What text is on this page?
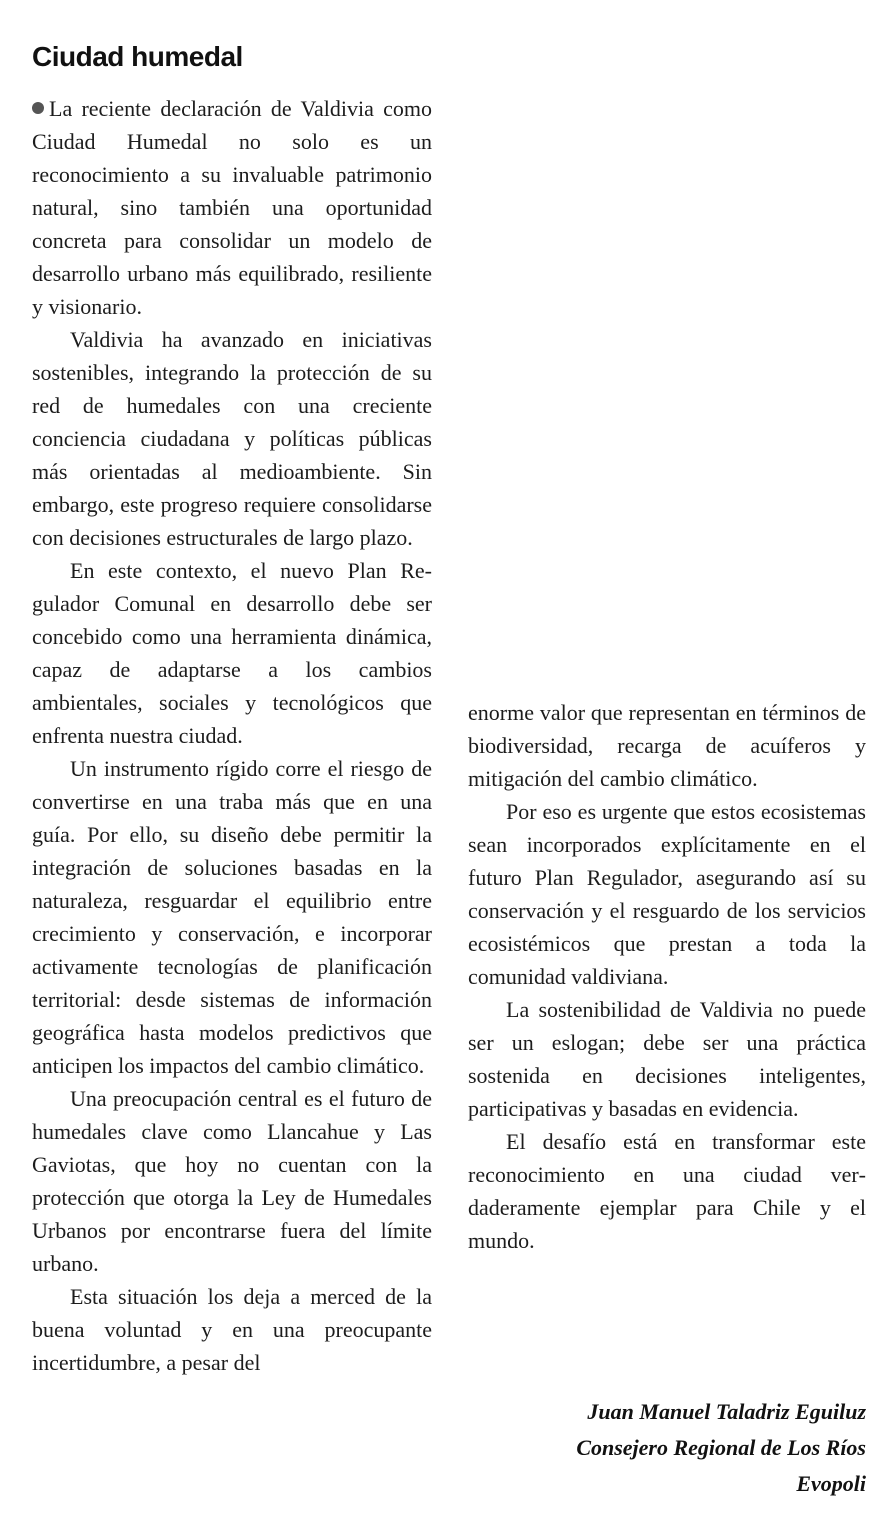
Ciudad humedal

La reciente declaración de Valdivia como Ciudad Humedal no solo es un reconocimiento a su invaluable patrimonio natural, sino también una oportunidad concreta para consolidar un modelo de desarrollo urbano más equilibrado, resiliente y visionario.

Valdivia ha avanzado en iniciativas sostenibles, integrando la protección de su red de humedales con una creciente conciencia ciudadana y políticas públicas más orientadas al medioambiente. Sin embargo, este progreso requiere consolidarse con decisiones estructurales de largo plazo.

En este contexto, el nuevo Plan Regulador Comunal en desarrollo debe ser concebido como una herramienta dinámica, capaz de adaptarse a los cambios ambientales, sociales y tecnológicos que enfrenta nuestra ciudad.

Un instrumento rígido corre el riesgo de convertirse en una traba más que en una guía. Por ello, su diseño debe permitir la integración de soluciones basadas en la naturaleza, resguardar el equilibrio entre crecimiento y conservación, e incorporar activamente tecnologías de planificación territorial: desde sistemas de información geográfica hasta modelos predictivos que anticipen los impactos del cambio climático.

Una preocupación central es el futuro de humedales clave como Llancahue y Las Gaviotas, que hoy no cuentan con la protección que otorga la Ley de Humedales Urbanos por encontrarse fuera del límite urbano.

Esta situación los deja a merced de la buena voluntad y en una preocupante incertidumbre, a pesar del

enorme valor que representan en términos de biodiversidad, recarga de acuíferos y mitigación del cambio climático.

Por eso es urgente que estos ecosistemas sean incorporados explícitamente en el futuro Plan Regulador, asegurando así su conservación y el resguardo de los servicios ecosistémicos que prestan a toda la comunidad valdiviana.

La sostenibilidad de Valdivia no puede ser un eslogan; debe ser una práctica sostenida en decisiones inteligentes, participativas y basadas en evidencia.

El desafío está en transformar este reconocimiento en una ciudad verdaderamente ejemplar para Chile y el mundo.

Juan Manuel Taladriz Eguiluz
Consejero Regional de Los Ríos
Evopoli
